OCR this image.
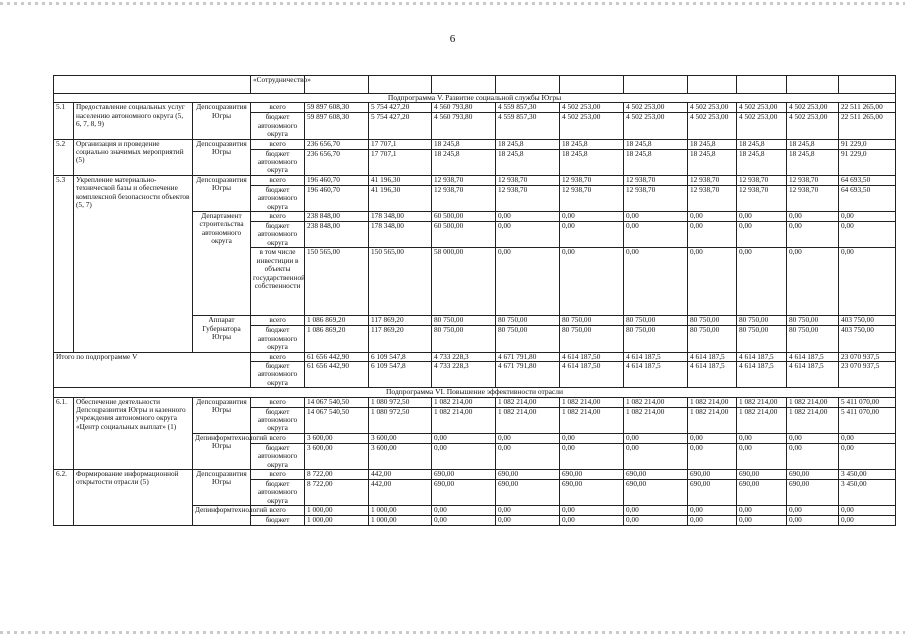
6
			«Сотрудничество»										
Подпрограмма V. Развитие социальной службы Югры													
5.1	Предоставление социальных услуг населению автономного округа (5, 6, 7, 8, 9)	Депсоцразвития Югры	всего	59 897 608,30	5 754 427,20	4 560 793,80	4 559 857,30	4 502 253,00	4 502 253,00	4 502 253,00	4 502 253,00	4 502 253,00	22 511 265,00
			бюджет автономного округа	59 897 608,30	5 754 427,20	4 560 793,80	4 559 857,30	4 502 253,00	4 502 253,00	4 502 253,00	4 502 253,00	4 502 253,00	22 511 265,00
5.2	Организация и проведение социально значимых мероприятий (5)	Депсоцразвития Югры	всего	236 656,70	17 707,1	18 245,8	18 245,8	18 245,8	18 245,8	18 245,8	18 245,8	18 245,8	91 229,0
			бюджет автономного округа	236 656,70	17 707,1	18 245,8	18 245,8	18 245,8	18 245,8	18 245,8	18 245,8	18 245,8	91 229,0
5.3	Укрепление материально-технической базы и обеспечение комплексной безопасности объектов (5, 7)	Депсоцразвития Югры	всего	196 460,70	41 196,30	12 938,70	12 938,70	12 938,70	12 938,70	12 938,70	12 938,70	12 938,70	64 693,50
			бюджет автономного округа	196 460,70	41 196,30	12 938,70	12 938,70	12 938,70	12 938,70	12 938,70	12 938,70	12 938,70	64 693,50
		Департамент строительства автономного округа	всего	238 848,00	178 348,00	60 500,00	0,00	0,00	0,00	0,00	0,00	0,00	0,00
			бюджет автономного округа	238 848,00	178 348,00	60 500,00	0,00	0,00	0,00	0,00	0,00	0,00	0,00
			в том числе инвестиции в объекты государственной собственности	150 565,00	150 565,00	58 000,00	0,00	0,00	0,00	0,00	0,00	0,00	0,00
		Аппарат Губернатора Югры	всего	1 086 869,20	117 869,20	80 750,00	80 750,00	80 750,00	80 750,00	80 750,00	80 750,00	80 750,00	403 750,00
			бюджет автономного округа	1 086 869,20	117 869,20	80 750,00	80 750,00	80 750,00	80 750,00	80 750,00	80 750,00	80 750,00	403 750,00
Итого по подпрограмме V			всего	61 656 442,90	6 109 547,8	4 733 228,3	4 671 791,80	4 614 187,50	4 614 187,5	4 614 187,5	4 614 187,5	4 614 187,5	23 070 937,5
			бюджет автономного округа	61 656 442,90	6 109 547,8	4 733 228,3	4 671 791,80	4 614 187,50	4 614 187,5	4 614 187,5	4 614 187,5	4 614 187,5	23 070 937,5
Подпрограмма VI. Повышение эффективности отрасли													
6.1.	Обеспечение деятельности Депсоцразвития Югры и казенного учреждения автономного округа «Центр социальных выплат» (1)	Депсоцразвития Югры	всего	14 067 540,50	1 080 972,50	1 082 214,00	1 082 214,00	1 082 214,00	1 082 214,00	1 082 214,00	1 082 214,00	1 082 214,00	5 411 070,00
			бюджет автономного округа	14 067 540,50	1 080 972,50	1 082 214,00	1 082 214,00	1 082 214,00	1 082 214,00	1 082 214,00	1 082 214,00	1 082 214,00	5 411 070,00
		Депинформтехнологий Югры	всего	3 600,00	3 600,00	0,00	0,00	0,00	0,00	0,00	0,00	0,00	0,00
			бюджет автономного округа	3 600,00	3 600,00	0,00	0,00	0,00	0,00	0,00	0,00	0,00	0,00
6.2.	Формирование информационной открытости отрасли (5)	Депсоцразвития Югры	всего	8 722,00	442,00	690,00	690,00	690,00	690,00	690,00	690,00	690,00	3 450,00
			бюджет автономного округа	8 722,00	442,00	690,00	690,00	690,00	690,00	690,00	690,00	690,00	3 450,00
		Депинформтехнологий	всего	1 000,00	1 000,00	0,00	0,00	0,00	0,00	0,00	0,00	0,00	0,00
			бюджет	1 000,00	1 000,00	0,00	0,00	0,00	0,00	0,00	0,00	0,00	0,00
